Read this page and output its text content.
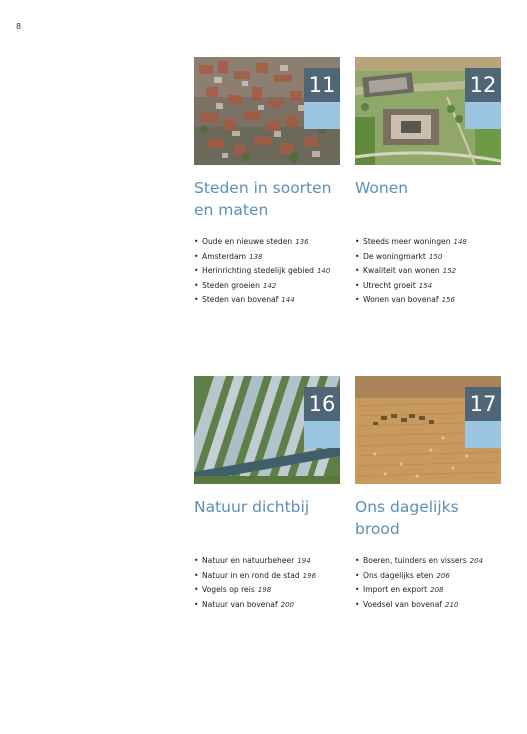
8
11
Steden in soorten en maten
• Oude en nieuwe steden 136
• Amsterdam 138
• Herinrichting stedelijk gebied 140
• Steden groeien 142
• Steden van bovenaf 144
12
Wonen
• Steeds meer woningen 148
• De woningmarkt 150
• Kwaliteit van wonen 152
• Utrecht groeit 154
• Wonen van bovenaf 156
16
Natuur dichtbij
• Natuur en natuurbeheer 194
• Natuur in en rond de stad 196
• Vogels op reis 198
• Natuur van bovenaf 200
17
Ons dagelijks brood
• Boeren, tuinders en vissers 204
• Ons dagelijks eten 206
• Import en export 208
• Voedsel van bovenaf 210
